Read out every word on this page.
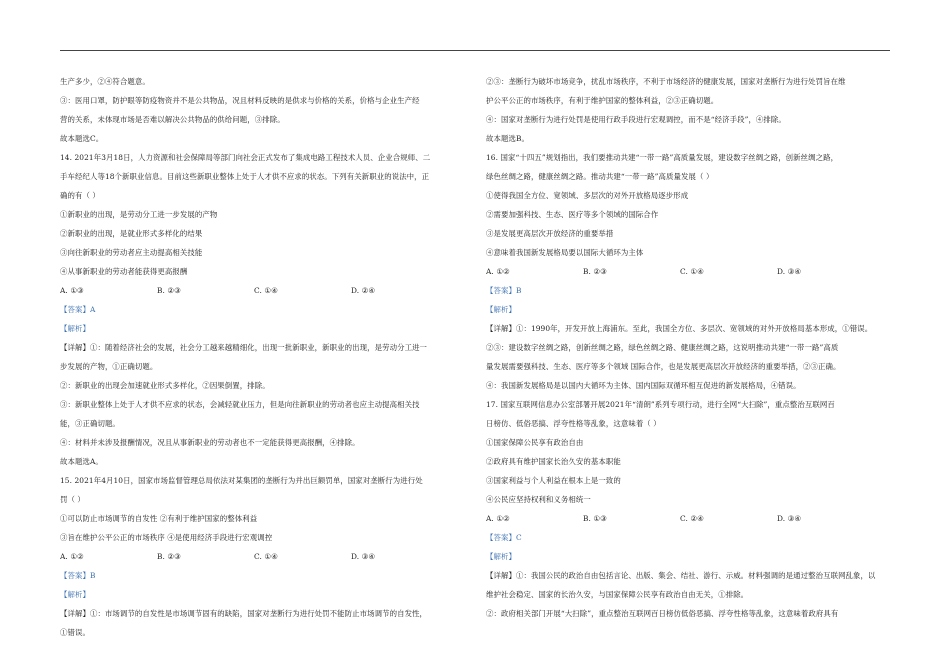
生产多少，②④符合题意。
③：医用口罩，防护眼等防疫物资并不是公共物品，况且材料反映的是供求与价格的关系，价格与企业生产经
营的关系，未体现市场是否难以解决公共物品的供给问题，③排除。
故本题选C。
14. 2021年3月18日，人力资源和社会保障局等部门向社会正式发布了集成电路工程技术人员、企业合规师、二
手车经纪人等18个新职业信息。目前这些新职业整体上处于人才供不应求的状态。下列有关新职业的说法中，正
确的有（ ）
①新职业的出现，是劳动分工进一步发展的产物
②新职业的出现，是就业形式多样化的结果
③向往新职业的劳动者应主动提高相关技能
④从事新职业的劳动者能获得更高报酬
A. ①③	B. ②③	C. ①④	D. ②④
【答案】A
【解析】
【详解】①：随着经济社会的发展，社会分工越来越精细化，出现一批新职业，新职业的出现，是劳动分工进一
步发展的产物，①正确切题。
②：新职业的出现会加速就业形式多样化，②因果倒置，排除。
③：新职业整体上处于人才供不应求的状态，会减轻就业压力，但是向往新职业的劳动者也应主动提高相关技
能，③正确切题。
④：材料并未涉及报酬情况，况且从事新职业的劳动者也不一定能获得更高报酬，④排除。
故本题选A。
15. 2021年4月10日，国家市场监督管理总局依法对某集团的垄断行为并出巨额罚单，国家对垄断行为进行处
罚（ ）
①可以防止市场调节的自发性 ②有利于维护国家的整体利益
③旨在维护公平公正的市场秩序 ④是使用经济手段进行宏观调控
A. ①②	B. ②③	C. ①④	D. ③④
【答案】B
【解析】
【详解】①：市场调节的自发性是市场调节固有的缺陷，国家对垄断行为进行处罚不能防止市场调节的自发性，
①错误。
②③：垄断行为破坏市场竞争，扰乱市场秩序，不利于市场经济的健康发展，国家对垄断行为进行处罚旨在维
护公平公正的市场秩序，有利于维护国家的整体利益，②③正确切题。
④：国家对垄断行为进行处罚是使用行政手段进行宏观调控，而不是“经济手段”，④排除。
故本题选B。
16. 国家“十四五”规划指出，我们要推动共建“一带一路”高质量发展，建设数字丝绸之路，创新丝绸之路，
绿色丝绸之路，健康丝绸之路。推动共建“一带一路”高质量发展（ ）
①使得我国全方位、宽领域、多层次的对外开放格局逐步形成
②需要加强科技、生态、医疗等多个领域的国际合作
③是发展更高层次开放经济的重要举措
④意味着我国新发展格局要以国际大循环为主体
A. ①②	B. ②③	C. ①④	D. ③④
【答案】B
【解析】
【详解】①：1990年，开发开放上海浦东。至此，我国全方位、多层次、宽领域的对外开放格局基本形成，①错误。
②③：建设数字丝绸之路，创新丝绸之路，绿色丝绸之路、健康丝绸之路，这说明推动共建“一带一路”高质
量发展需要强科技、生态、医疗等多个领域 国际合作，也是发展更高层次开放经济的重要举措，②③正确。
④：我国新发展格局是以国内大循环为主体、国内国际双循环相互促进的新发展格局，④错误。
17. 国家互联网信息办公室部署开展2021年“清朗”系列专项行动，进行全网“大扫除”，重点整治互联网百
日榜仿、低俗恶搞、浮夸性格等乱象，这意味着（ ）
①国家保障公民享有政治自由
②政府具有维护国家长治久安的基本职能
③国家利益与个人利益在根本上是一致的
④公民应坚持权利和义务相统一
A. ①②	B. ①③	C. ②④	D. ③④
【答案】C
【解析】
【详解】①：我国公民的政治自由包括言论、出版、集会、结社、游行、示威。材料强调的是通过整治互联网乱象，以
维护社会稳定、国家的长治久安，与国家保障公民享有政治自由无关，①排除。
②：政府相关部门开展“大扫除”，重点整治互联网百日榜仿低俗恶搞、浮夸性格等乱象，这意味着政府具有
